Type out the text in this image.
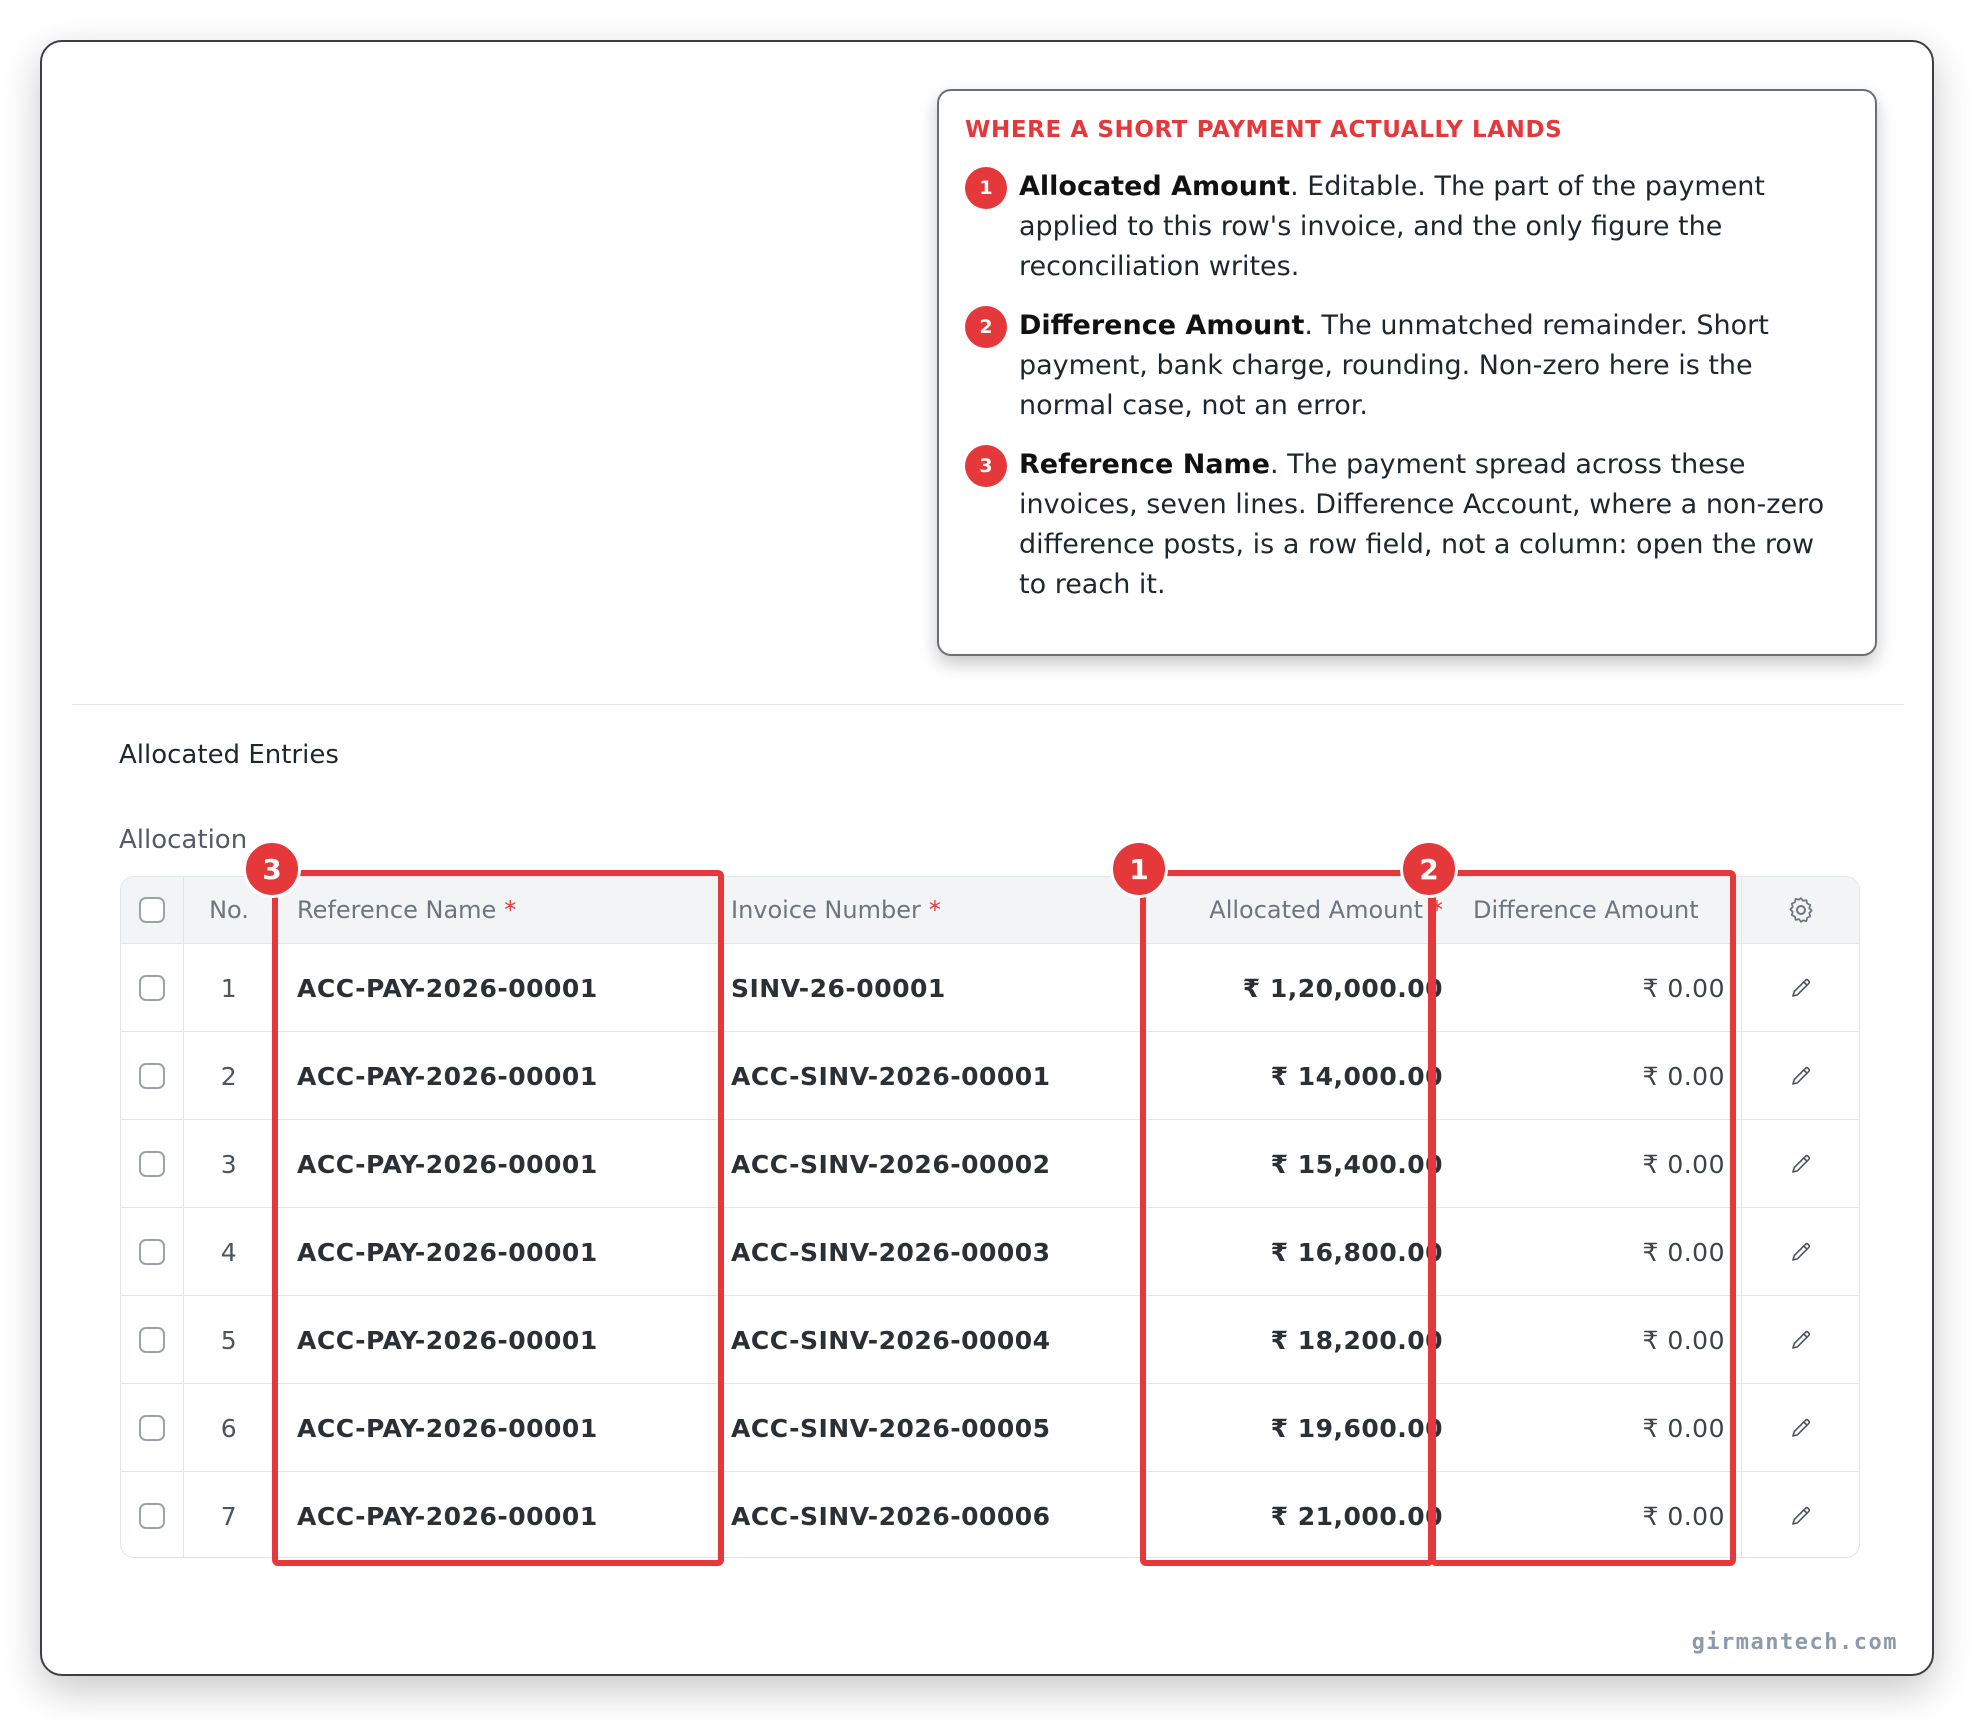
WHERE A SHORT PAYMENT ACTUALLY LANDS
1 Allocated Amount. Editable. The part of the payment applied to this row's invoice, and the only figure the reconciliation writes.
2 Difference Amount. The unmatched remainder. Short payment, bank charge, rounding. Non-zero here is the normal case, not an error.
3 Reference Name. The payment spread across these invoices, seven lines. Difference Account, where a non-zero difference posts, is a row field, not a column: open the row to reach it.
Allocated Entries
Allocation
No.	Reference Name *	Invoice Number *	Allocated Amount * Difference Amount
1	ACC-PAY-2026-00001	SINV-26-00001	₹ 1,20,000.00	₹ 0.00
2	ACC-PAY-2026-00001	ACC-SINV-2026-00001	₹ 14,000.00	₹ 0.00
3	ACC-PAY-2026-00001	ACC-SINV-2026-00002	₹ 15,400.00	₹ 0.00
4	ACC-PAY-2026-00001	ACC-SINV-2026-00003	₹ 16,800.00	₹ 0.00
5	ACC-PAY-2026-00001	ACC-SINV-2026-00004	₹ 18,200.00	₹ 0.00
6	ACC-PAY-2026-00001	ACC-SINV-2026-00005	₹ 19,600.00	₹ 0.00
7	ACC-PAY-2026-00001	ACC-SINV-2026-00006	₹ 21,000.00	₹ 0.00
3	1	2
girmantech.com
